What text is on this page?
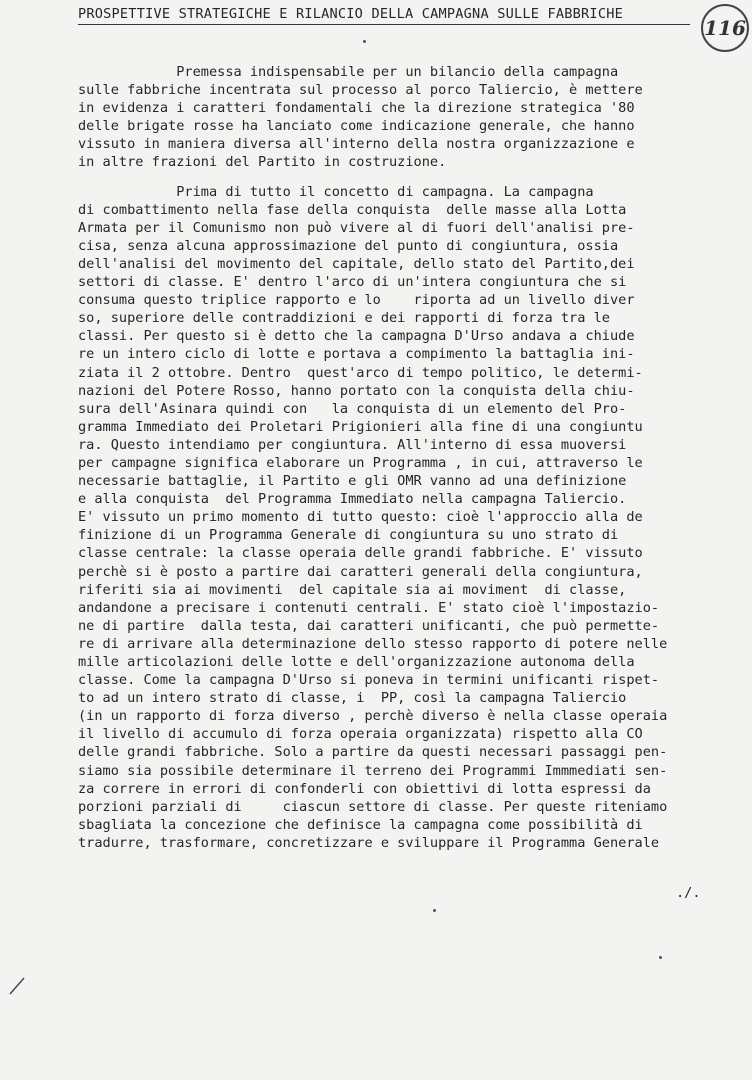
PROSPETTIVE STRATEGICHE E RILANCIO DELLA CAMPAGNA SULLE FABBRICHE
116
Premessa indispensabile per un bilancio della campagna
sulle fabbriche incentrata sul processo al porco Taliercio, è mettere
in evidenza i caratteri fondamentali che la direzione strategica '80
delle brigate rosse ha lanciato come indicazione generale, che hanno
vissuto in maniera diversa all'interno della nostra organizzazione e
in altre frazioni del Partito in costruzione.
Prima di tutto il concetto di campagna. La campagna
di combattimento nella fase della conquista  delle masse alla Lotta
Armata per il Comunismo non può vivere al di fuori dell'analisi pre-
cisa, senza alcuna approssimazione del punto di congiuntura, ossia
dell'analisi del movimento del capitale, dello stato del Partito,dei
settori di classe. E' dentro l'arco di un'intera congiuntura che si
consuma questo triplice rapporto e lo    riporta ad un livello diver
so, superiore delle contraddizioni e dei rapporti di forza tra le
classi. Per questo si è detto che la campagna D'Urso andava a chiude
re un intero ciclo di lotte e portava a compimento la battaglia ini-
ziata il 2 ottobre. Dentro  quest'arco di tempo politico, le determi-
nazioni del Potere Rosso, hanno portato con la conquista della chiu-
sura dell'Asinara quindi con   la conquista di un elemento del Pro-
gramma Immediato dei Proletari Prigionieri alla fine di una congiuntu
ra. Questo intendiamo per congiuntura. All'interno di essa muoversi
per campagne significa elaborare un Programma , in cui, attraverso le
necessarie battaglie, il Partito e gli OMR vanno ad una definizione
e alla conquista  del Programma Immediato nella campagna Taliercio.
E' vissuto un primo momento di tutto questo: cioè l'approccio alla de
finizione di un Programma Generale di congiuntura su uno strato di
classe centrale: la classe operaia delle grandi fabbriche. E' vissuto
perchè si è posto a partire dai caratteri generali della congiuntura,
riferiti sia ai movimenti  del capitale sia ai moviment  di classe,
andandone a precisare i contenuti centrali. E' stato cioè l'impostazio-
ne di partire  dalla testa, dai caratteri unificanti, che può permette-
re di arrivare alla determinazione dello stesso rapporto di potere nelle
mille articolazioni delle lotte e dell'organizzazione autonoma della
classe. Come la campagna D'Urso si poneva in termini unificanti rispet-
to ad un intero strato di classe, i  PP, così la campagna Taliercio
(in un rapporto di forza diverso , perchè diverso è nella classe operaia
il livello di accumulo di forza operaia organizzata) rispetto alla CO
delle grandi fabbriche. Solo a partire da questi necessari passaggi pen-
siamo sia possibile determinare il terreno dei Programmi Immmediati sen-
za correre in errori di confonderli con obiettivi di lotta espressi da
porzioni parziali di     ciascun settore di classe. Per queste riteniamo
sbagliata la concezione che definisce la campagna come possibilità di
tradurre, trasformare, concretizzare e sviluppare il Programma Generale
./.
